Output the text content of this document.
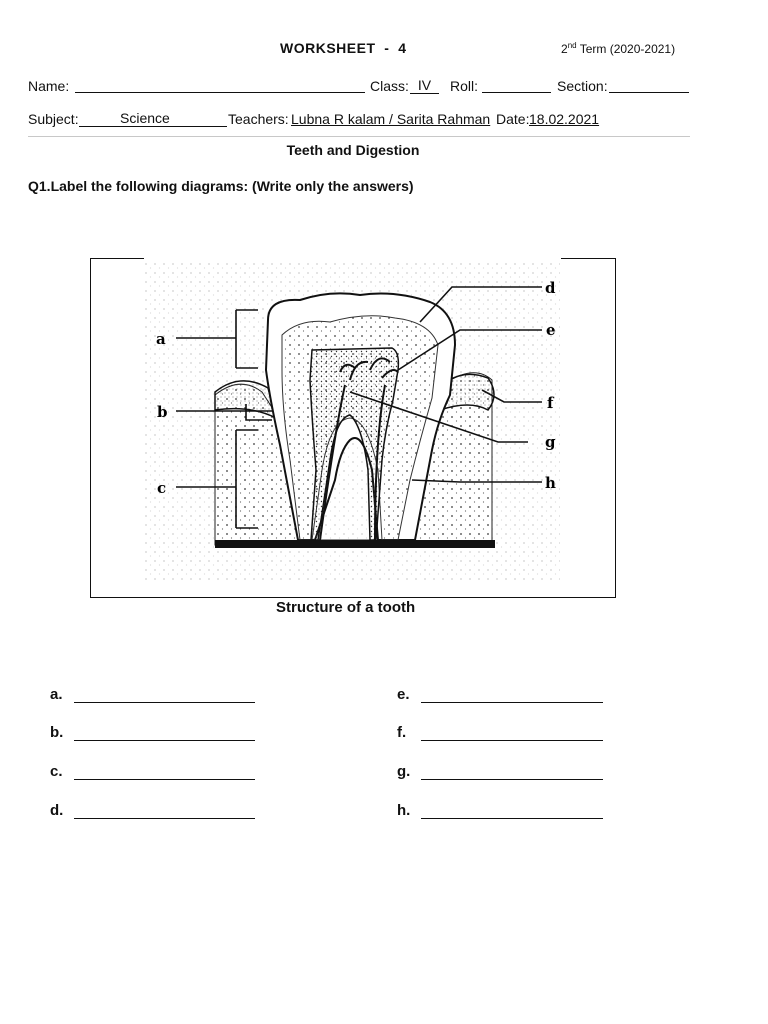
WORKSHEET  -  4	2nd Term (2020-2021)
Name:	Class: IV	Roll:	Section:
Subject:	Science	Teachers: Lubna R kalam / Sarita Rahman Date: 18.02.2021
Teeth and Digestion
Q1.Label the following diagrams: (Write only the answers)
a
b
c
d
e
f
g
h
Structure of a tooth
a.
b.
c.
d.
e.
f.
g.
h.
